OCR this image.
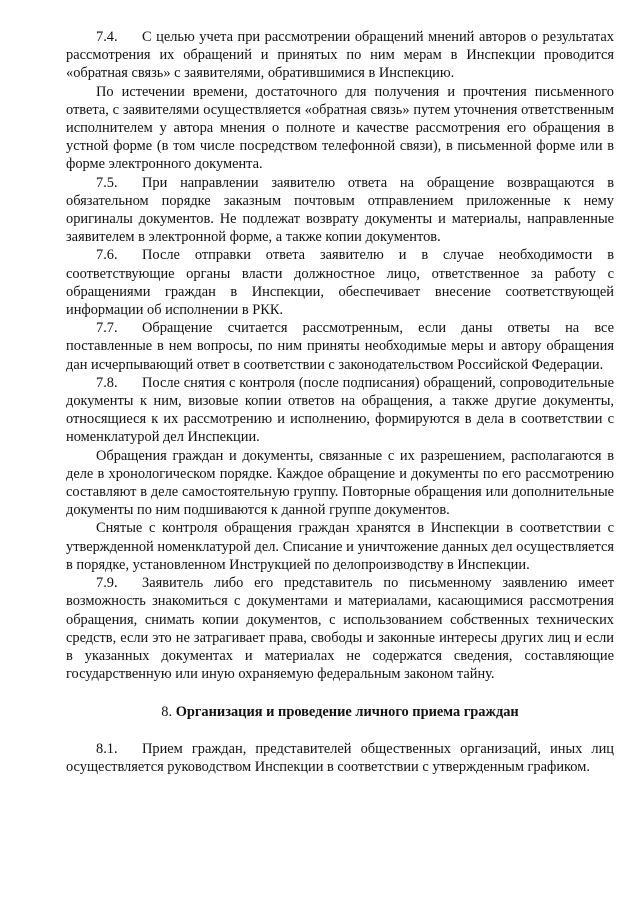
7.4. С целью учета при рассмотрении обращений мнений авторов о результатах рассмотрения их обращений и принятых по ним мерам в Инспекции проводится «обратная связь» с заявителями, обратившимися в Инспекцию.

По истечении времени, достаточного для получения и прочтения письменного ответа, с заявителями осуществляется «обратная связь» путем уточнения ответственным исполнителем у автора мнения о полноте и качестве рассмотрения его обращения в устной форме (в том числе посредством телефонной связи), в письменной форме или в форме электронного документа.

7.5. При направлении заявителю ответа на обращение возвращаются в обязательном порядке заказным почтовым отправлением приложенные к нему оригиналы документов. Не подлежат возврату документы и материалы, направленные заявителем в электронной форме, а также копии документов.

7.6. После отправки ответа заявителю и в случае необходимости в соответствующие органы власти должностное лицо, ответственное за работу с обращениями граждан в Инспекции, обеспечивает внесение соответствующей информации об исполнении в РКК.

7.7. Обращение считается рассмотренным, если даны ответы на все поставленные в нем вопросы, по ним приняты необходимые меры и автору обращения дан исчерпывающий ответ в соответствии с законодательством Российской Федерации.

7.8. После снятия с контроля (после подписания) обращений, сопроводительные документы к ним, визовые копии ответов на обращения, а также другие документы, относящиеся к их рассмотрению и исполнению, формируются в дела в соответствии с номенклатурой дел Инспекции.

Обращения граждан и документы, связанные с их разрешением, располагаются в деле в хронологическом порядке. Каждое обращение и документы по его рассмотрению составляют в деле самостоятельную группу. Повторные обращения или дополнительные документы по ним подшиваются к данной группе документов.

Снятые с контроля обращения граждан хранятся в Инспекции в соответствии с утвержденной номенклатурой дел. Списание и уничтожение данных дел осуществляется в порядке, установленном Инструкцией по делопроизводству в Инспекции.

7.9. Заявитель либо его представитель по письменному заявлению имеет возможность знакомиться с документами и материалами, касающимися рассмотрения обращения, снимать копии документов, с использованием собственных технических средств, если это не затрагивает права, свободы и законные интересы других лиц и если в указанных документах и материалах не содержатся сведения, составляющие государственную или иную охраняемую федеральным законом тайну.

8. Организация и проведение личного приема граждан

8.1. Прием граждан, представителей общественных организаций, иных лиц осуществляется руководством Инспекции в соответствии с утвержденным графиком.
